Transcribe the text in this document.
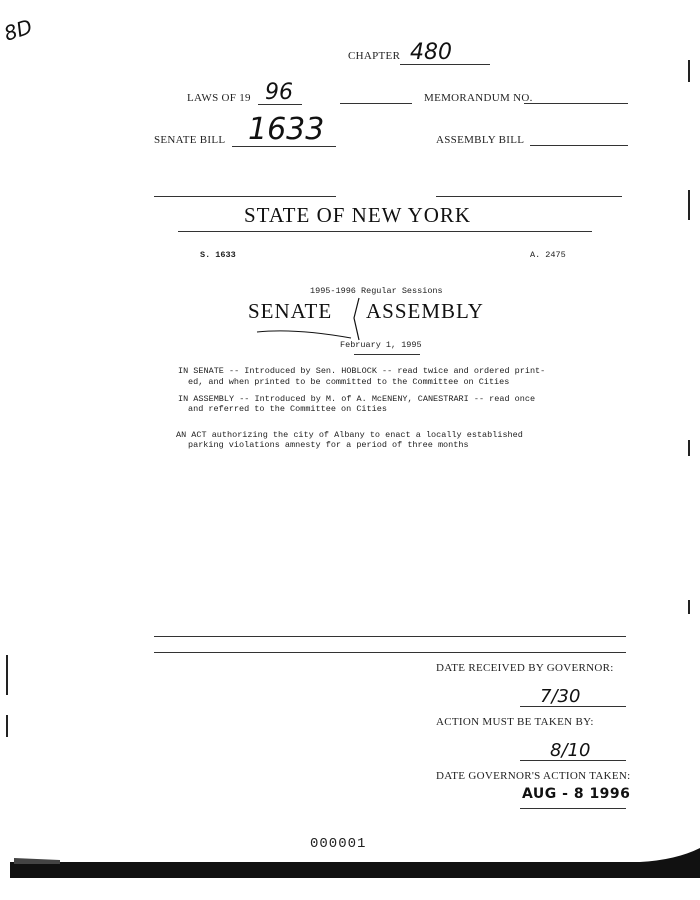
8D
CHAPTER 480
LAWS OF 19 96	MEMORANDUM NO.
SENATE BILL 1633	ASSEMBLY BILL
STATE OF NEW YORK
S. 1633	A. 2475
1995-1996 Regular Sessions
SENATE ASSEMBLY
February 1, 1995
IN SENATE -- Introduced by Sen. HOBLOCK -- read twice and ordered print-
ed, and when printed to be committed to the Committee on Cities
IN ASSEMBLY -- Introduced by M. of A. McENENY, CANESTRARI -- read once
and referred to the Committee on Cities
AN ACT authorizing the city of Albany to enact a locally established
parking violations amnesty for a period of three months
DATE RECEIVED BY GOVERNOR:
7/30
ACTION MUST BE TAKEN BY:
8/10
DATE GOVERNOR'S ACTION TAKEN:
AUG - 8 1996
000001
